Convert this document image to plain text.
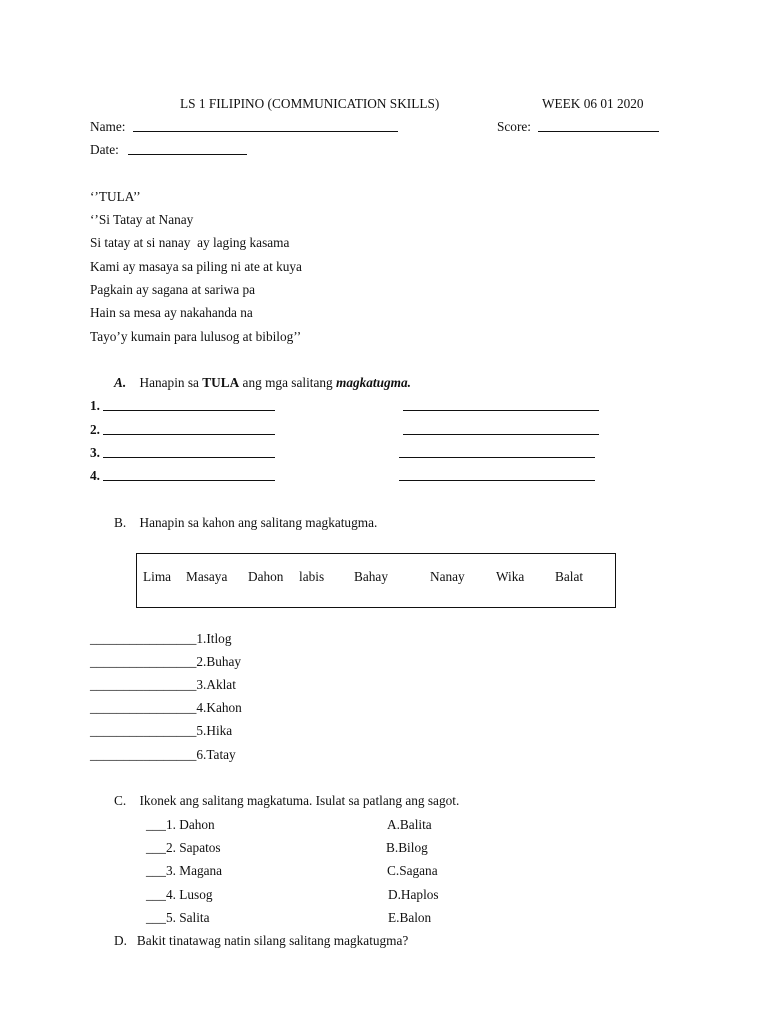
LS 1 FILIPINO (COMMUNICATION SKILLS)	WEEK 06 01 2020
Name:	Score:
Date:
‘’TULA’’
‘’Si Tatay at Nanay
Si tatay at si nanay  ay laging kasama
Kami ay masaya sa piling ni ate at kuya
Pagkain ay sagana at sariwa pa
Hain sa mesa ay nakahanda na
Tayo’y kumain para lulusog at bibilog’’
A. Hanapin sa TULA ang mga salitang magkatugma.
1.
2.
3.
4.
B. Hanapin sa kahon ang salitang magkatugma.
Lima Masaya Dahon labis Bahay	Nanay Wika Balat
________________1.Itlog
________________2.Buhay
________________3.Aklat
________________4.Kahon
________________5.Hika
________________6.Tatay
C. Ikonek ang salitang magkatuma. Isulat sa patlang ang sagot.
___1. Dahon	A.Balita
___2. Sapatos	B.Bilog
___3. Magana	C.Sagana
___4. Lusog	D.Haplos
___5. Salita	E.Balon
D. Bakit tinatawag natin silang salitang magkatugma?
